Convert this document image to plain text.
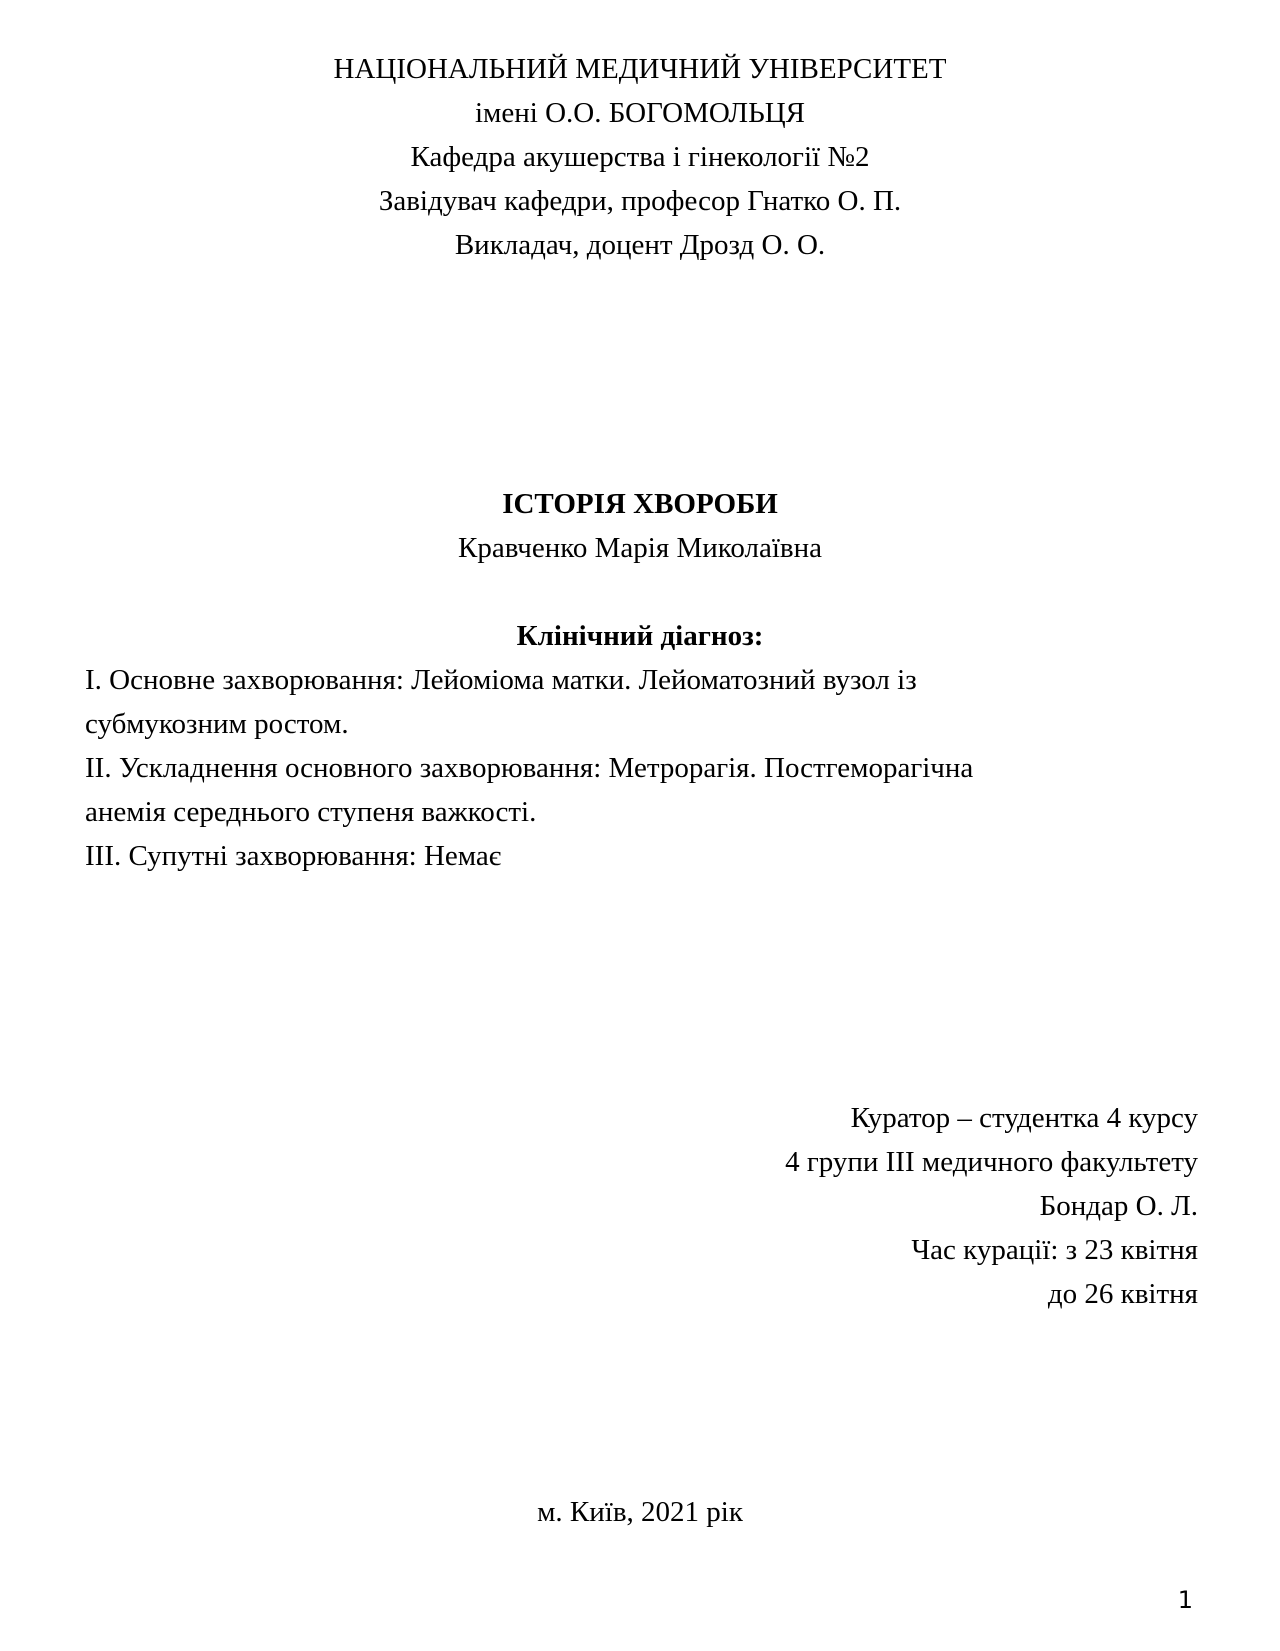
НАЦІОНАЛЬНИЙ МЕДИЧНИЙ УНІВЕРСИТЕТ
імені О.О. БОГОМОЛЬЦЯ
Кафедра акушерства і гінекології №2
Завідувач кафедри, професор Гнатко О. П.
Викладач, доцент Дрозд О. О.
ІСТОРІЯ ХВОРОБИ
Кравченко Марія Миколаївна
Клінічний діагноз:
I. Основне захворювання: Лейоміома матки. Лейоматозний вузол із
субмукозним ростом.
II. Ускладнення основного захворювання: Метрорагія. Постгеморагічна
анемія середнього ступеня важкості.
III. Супутні захворювання: Немає
Куратор – студентка 4 курсу
4 групи III медичного факультету
Бондар О. Л.
Час курації: з 23 квітня
до 26 квітня
м. Київ, 2021 рік
1
